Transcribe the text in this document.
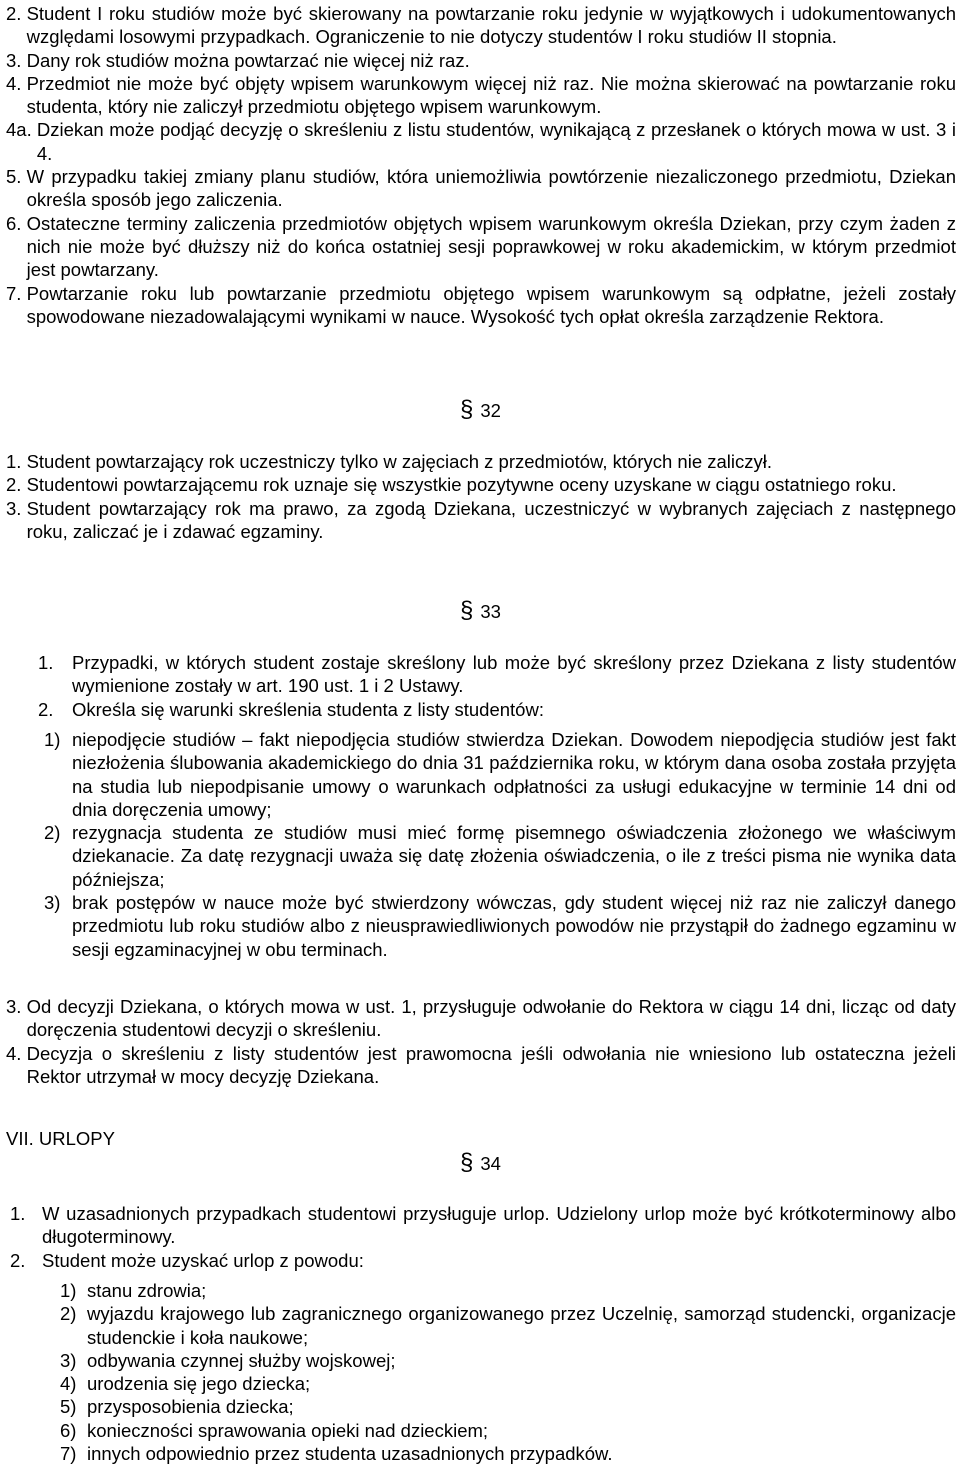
2. Student I roku studiów może być skierowany na powtarzanie roku jedynie w wyjątkowych i udokumentowanych względami losowymi przypadkach. Ograniczenie to nie dotyczy studentów I roku studiów II stopnia.
3. Dany rok studiów można powtarzać nie więcej niż raz.
4. Przedmiot nie może być objęty wpisem warunkowym więcej niż raz. Nie można skierować na powtarzanie roku studenta, który nie zaliczył przedmiotu objętego wpisem warunkowym.
4a. Dziekan może podjąć decyzję o skreśleniu z listu studentów, wynikającą z przesłanek o których mowa w ust. 3 i 4.
5. W przypadku takiej zmiany planu studiów, która uniemożliwia powtórzenie niezaliczonego przedmiotu, Dziekan określa sposób jego zaliczenia.
6. Ostateczne terminy zaliczenia przedmiotów objętych wpisem warunkowym określa Dziekan, przy czym żaden z nich nie może być dłuższy niż do końca ostatniej sesji poprawkowej w roku akademickim, w którym przedmiot jest powtarzany.
7. Powtarzanie roku lub powtarzanie przedmiotu objętego wpisem warunkowym są odpłatne, jeżeli zostały spowodowane niezadowalającymi wynikami w nauce. Wysokość tych opłat określa zarządzenie Rektora.
§ 32
1. Student powtarzający rok uczestniczy tylko w zajęciach z przedmiotów, których nie zaliczył.
2. Studentowi powtarzającemu rok uznaje się wszystkie pozytywne oceny uzyskane w ciągu ostatniego roku.
3. Student powtarzający rok ma prawo, za zgodą Dziekana, uczestniczyć w wybranych zajęciach z następnego roku, zaliczać je i zdawać egzaminy.
§ 33
1.	Przypadki, w których student zostaje skreślony lub może być skreślony przez Dziekana z listy studentów wymienione zostały w art. 190 ust. 1 i 2 Ustawy.
2.	Określa się warunki skreślenia studenta z listy studentów:
1) niepodjęcie studiów – fakt niepodjęcia studiów stwierdza Dziekan. Dowodem niepodjęcia studiów jest fakt niezłożenia ślubowania akademickiego do dnia 31 października roku, w którym dana osoba została przyjęta na studia lub niepodpisanie umowy o warunkach odpłatności za usługi edukacyjne w terminie 14 dni od dnia doręczenia umowy;
2) rezygnacja studenta ze studiów musi mieć formę pisemnego oświadczenia złożonego we właściwym dziekanacie. Za datę rezygnacji uważa się datę złożenia oświadczenia, o ile z treści pisma nie wynika data późniejsza;
3) brak postępów w nauce może być stwierdzony wówczas, gdy student więcej niż raz nie zaliczył danego przedmiotu lub roku studiów albo z nieusprawiedliwionych powodów nie przystąpił do żadnego egzaminu w sesji egzaminacyjnej w obu terminach.
3. Od decyzji Dziekana, o których mowa w ust. 1, przysługuje odwołanie do Rektora w ciągu 14 dni, licząc od daty doręczenia studentowi decyzji o skreśleniu.
4. Decyzja o skreśleniu z listy studentów jest prawomocna jeśli odwołania nie wniesiono lub ostateczna jeżeli Rektor utrzymał w mocy decyzję Dziekana.
VII. URLOPY
§ 34
1. W uzasadnionych przypadkach studentowi przysługuje urlop. Udzielony urlop może być krótkoterminowy albo długoterminowy.
2. Student może uzyskać urlop z powodu:
1) stanu zdrowia;
2) wyjazdu krajowego lub zagranicznego organizowanego przez Uczelnię, samorząd studencki, organizacje studenckie i koła naukowe;
3) odbywania czynnej służby wojskowej;
4) urodzenia się jego dziecka;
5) przysposobienia dziecka;
6) konieczności sprawowania opieki nad dzieckiem;
7) innych odpowiednio przez studenta uzasadnionych przypadków.
